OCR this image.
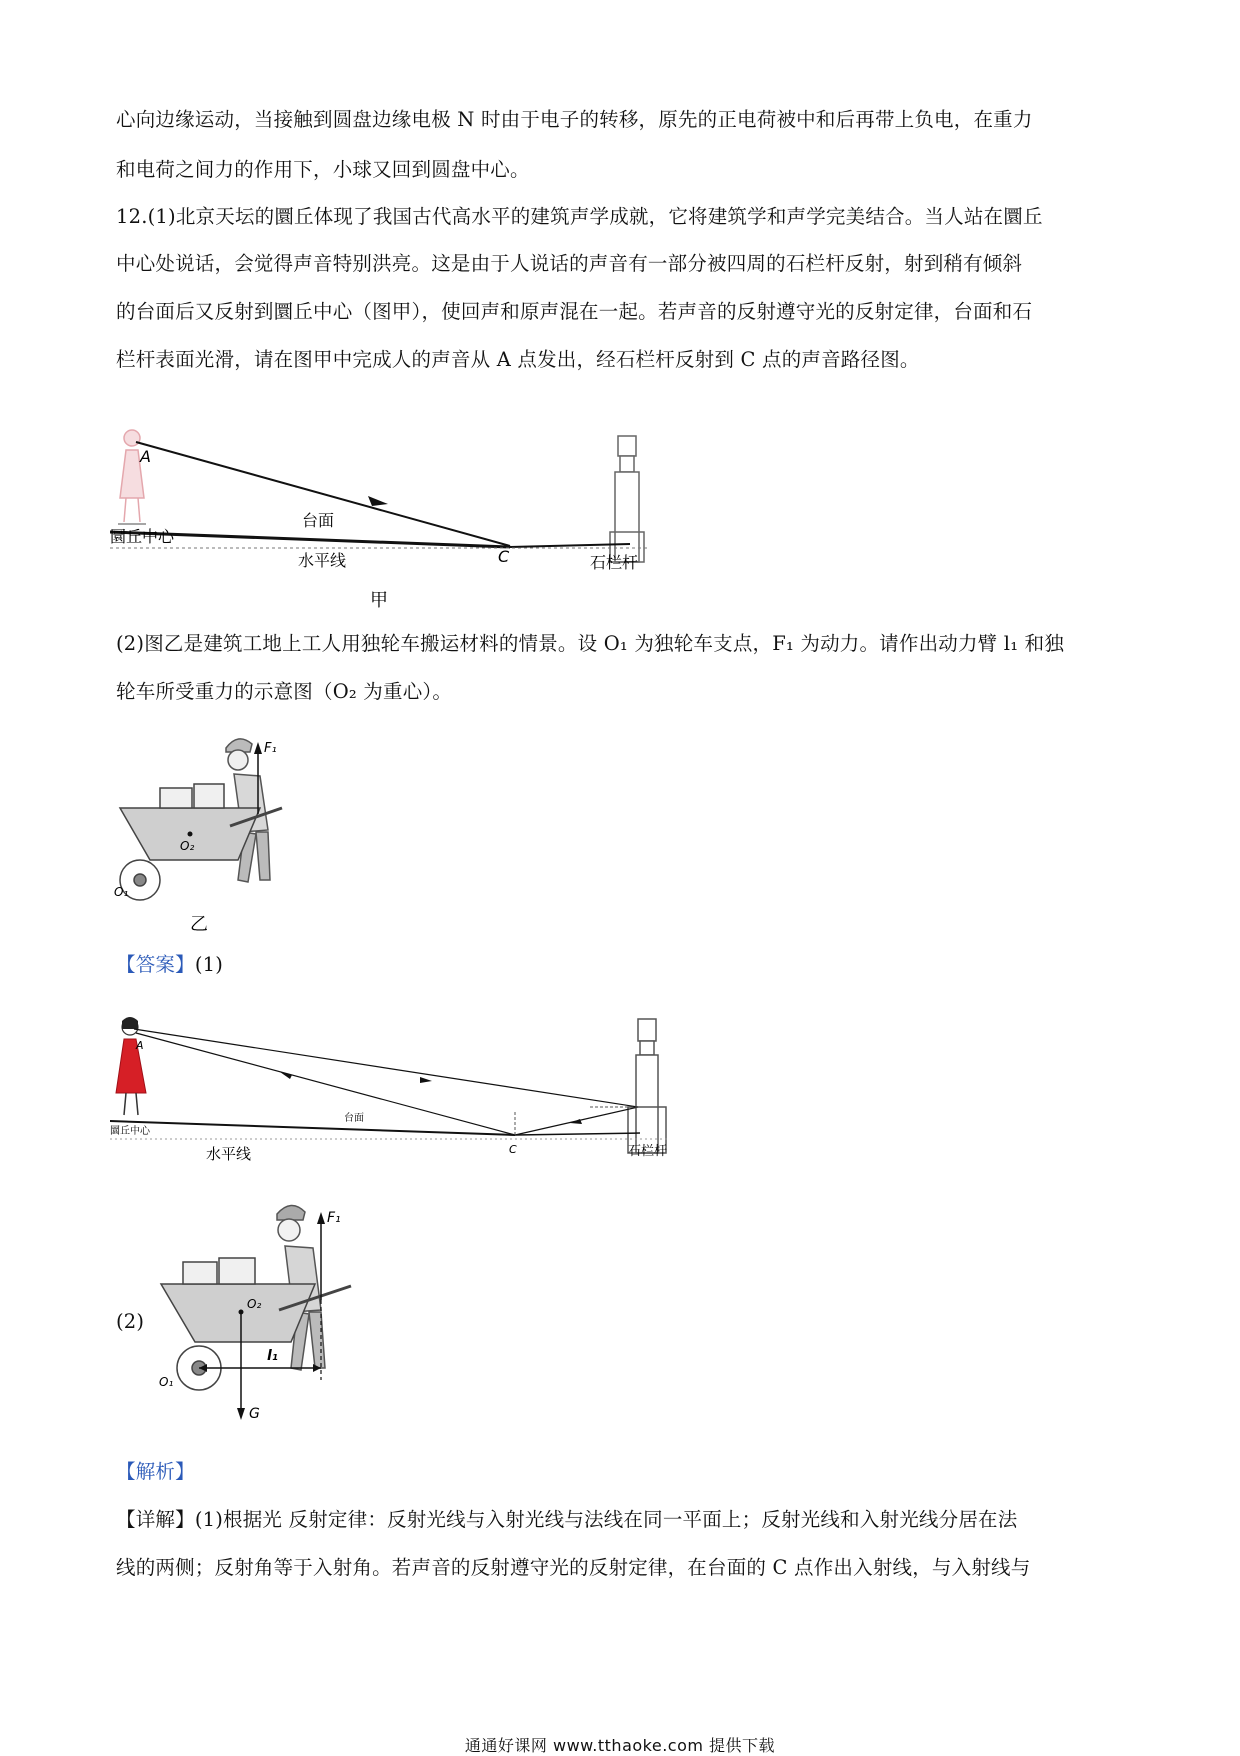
心向边缘运动，当接触到圆盘边缘电极 N 时由于电子的转移，原先的正电荷被中和后再带上负电，在重力
和电荷之间力的作用下，小球又回到圆盘中心。
12.(1)北京天坛的圜丘体现了我国古代高水平的建筑声学成就，它将建筑学和声学完美结合。当人站在圜丘
中心处说话，会觉得声音特别洪亮。这是由于人说话的声音有一部分被四周的石栏杆反射，射到稍有倾斜
的台面后又反射到圜丘中心（图甲），使回声和原声混在一起。若声音的反射遵守光的反射定律，台面和石
栏杆表面光滑，请在图甲中完成人的声音从 A 点发出，经石栏杆反射到 C 点的声音路径图。
A
圜丘中心
台面
水平线	C	石栏杆
甲
(2)图乙是建筑工地上工人用独轮车搬运材料的情景。设 O₁ 为独轮车支点，F₁ 为动力。请作出动力臂 l₁ 和独
轮车所受重力的示意图（O₂ 为重心）。
F₁
O₂
O₁
乙
【答案】(1)
A
圜丘中心
台面
水平线	C	石栏杆
(2)
F₁
l₁
G
O₂
O₁
【解析】
【详解】(1)根据光 反射定律：反射光线与入射光线与法线在同一平面上；反射光线和入射光线分居在法
线的两侧；反射角等于入射角。若声音的反射遵守光的反射定律，在台面的 C 点作出入射线，与入射线与
通通好课网 www.tthaoke.com 提供下载
